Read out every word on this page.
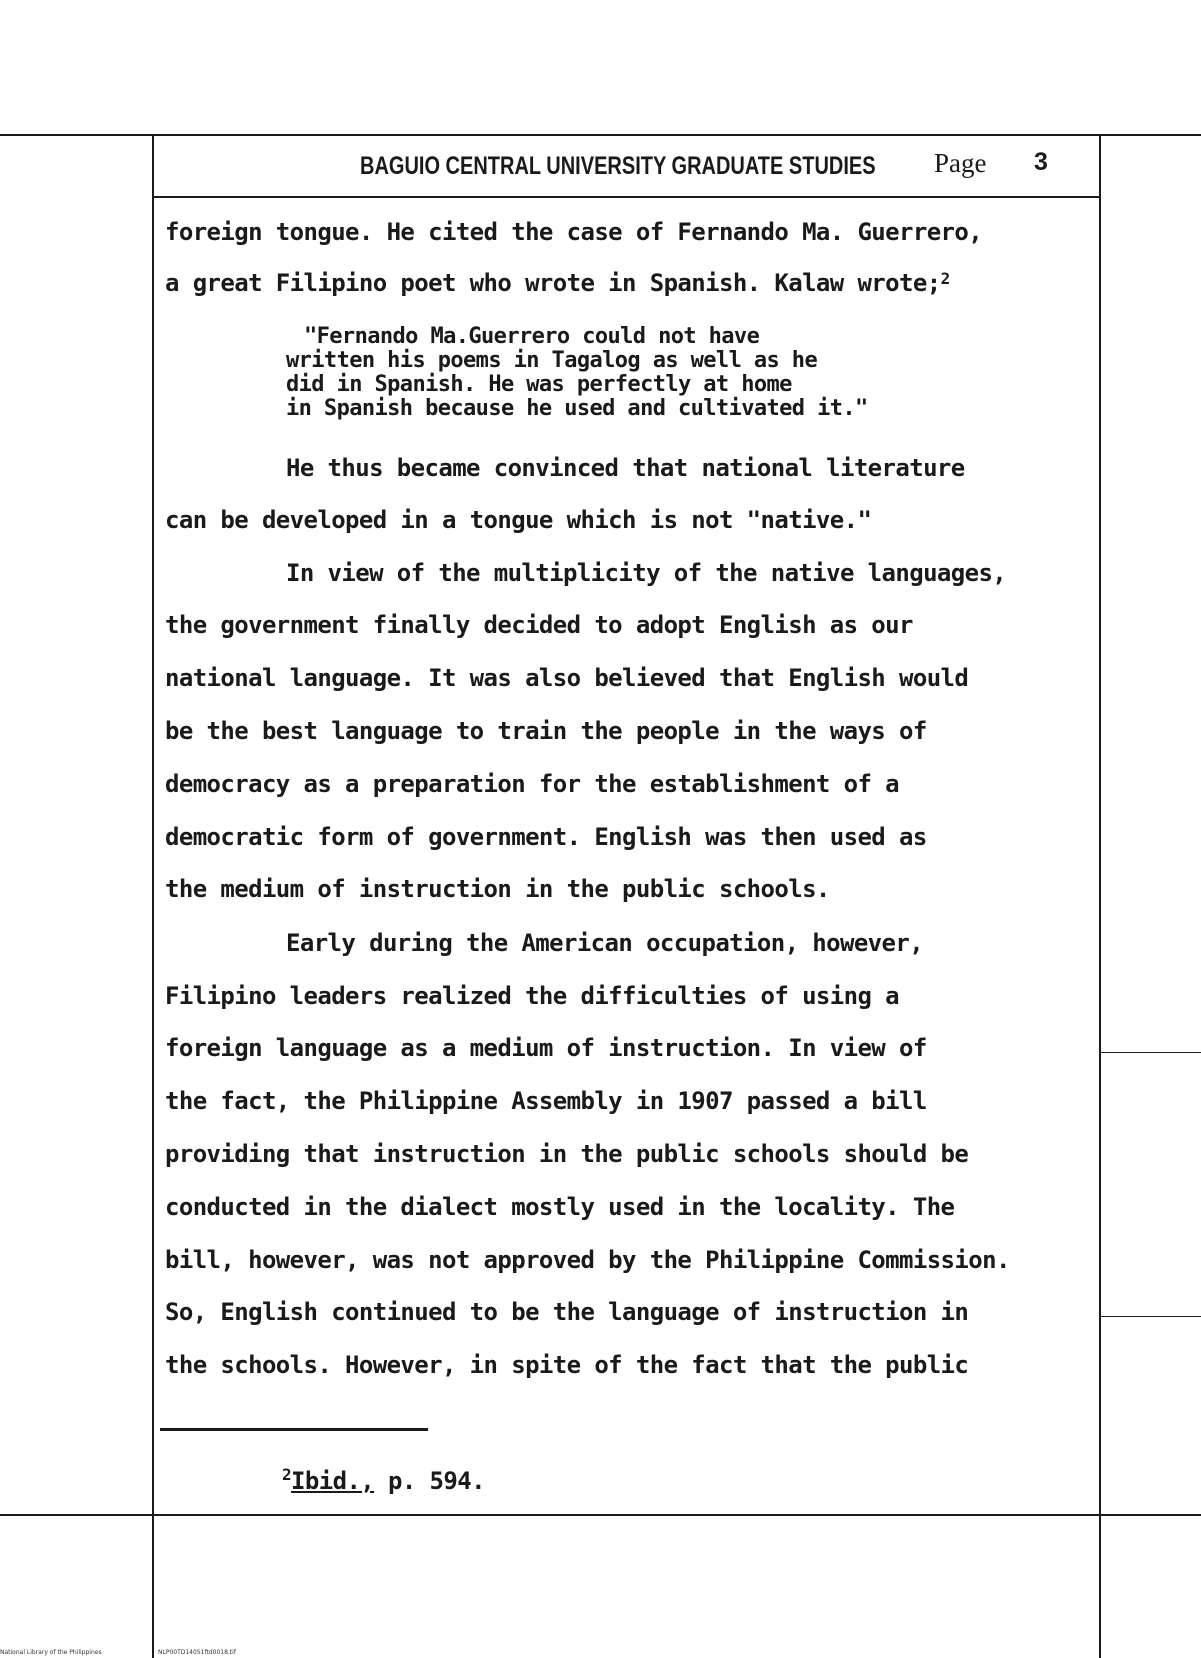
BAGUIO CENTRAL UNIVERSITY GRADUATE STUDIES Page 3
foreign tongue. He cited the case of Fernando Ma. Guerrero,
a great Filipino poet who wrote in Spanish. Kalaw wrote;$^2$
"Fernando Ma.Guerrero could not have
written his poems in Tagalog as well as he
did in Spanish. He was perfectly at home
in Spanish because he used and cultivated it."
He thus became convinced that national literature
can be developed in a tongue which is not "native."
In view of the multiplicity of the native languages,
the government finally decided to adopt English as our
national language. It was also believed that English would
be the best language to train the people in the ways of
democracy as a preparation for the establishment of a
democratic form of government. English was then used as
the medium of instruction in the public schools.
Early during the American occupation, however,
Filipino leaders realized the difficulties of using a
foreign language as a medium of instruction. In view of
the fact, the Philippine Assembly in 1907 passed a bill
providing that instruction in the public schools should be
conducted in the dialect mostly used in the locality. The
bill, however, was not approved by the Philippine Commission.
So, English continued to be the language of instruction in
the schools. However, in spite of the fact that the public
$^2$Ibid., p. 594.
National Library of the Philippines	NLP00TD14051ftd0018.tif
